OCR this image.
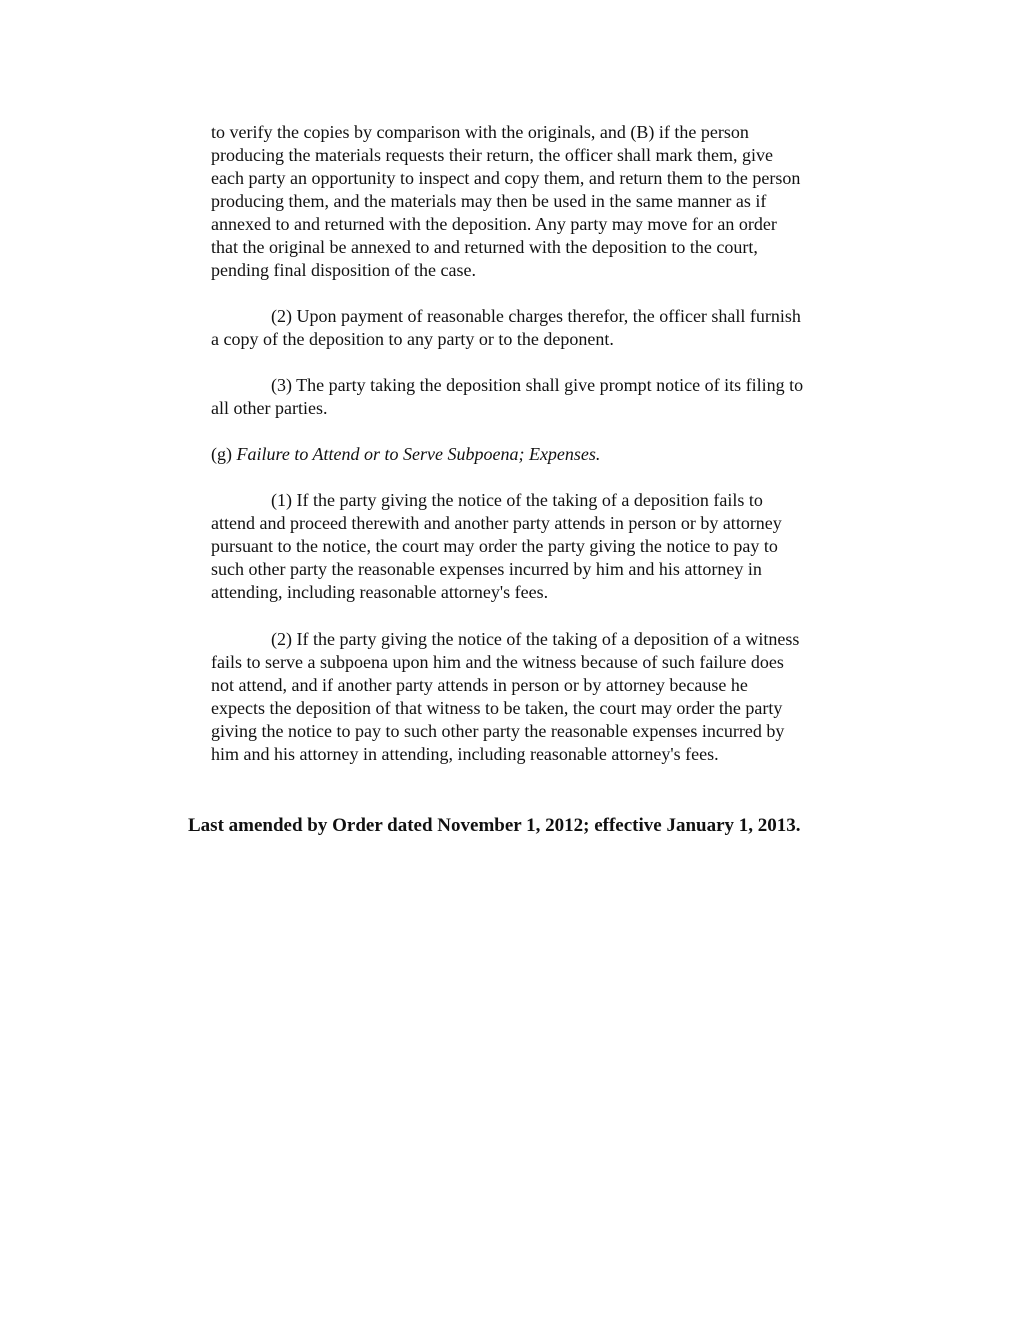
to verify the copies by comparison with the originals, and (B) if the person
producing the materials requests their return, the officer shall mark them, give
each party an opportunity to inspect and copy them, and return them to the person
producing them, and the materials may then be used in the same manner as if
annexed to and returned with the deposition. Any party may move for an order
that the original be annexed to and returned with the deposition to the court,
pending final disposition of the case.
(2) Upon payment of reasonable charges therefor, the officer shall furnish
a copy of the deposition to any party or to the deponent.
(3) The party taking the deposition shall give prompt notice of its filing to
all other parties.
(g) Failure to Attend or to Serve Subpoena; Expenses.
(1) If the party giving the notice of the taking of a deposition fails to
attend and proceed therewith and another party attends in person or by attorney
pursuant to the notice, the court may order the party giving the notice to pay to
such other party the reasonable expenses incurred by him and his attorney in
attending, including reasonable attorney's fees.
(2) If the party giving the notice of the taking of a deposition of a witness
fails to serve a subpoena upon him and the witness because of such failure does
not attend, and if another party attends in person or by attorney because he
expects the deposition of that witness to be taken, the court may order the party
giving the notice to pay to such other party the reasonable expenses incurred by
him and his attorney in attending, including reasonable attorney's fees.
Last amended by Order dated November 1, 2012; effective January 1, 2013.
